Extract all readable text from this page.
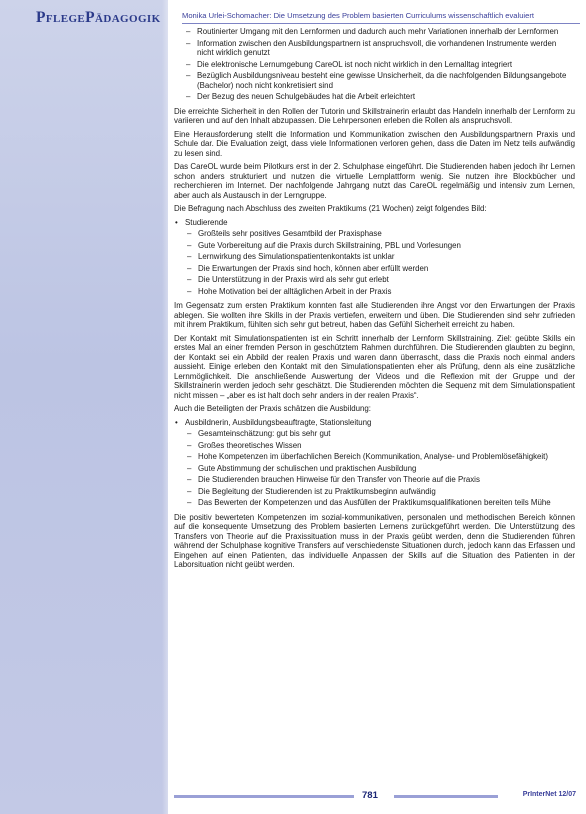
PflegePädagogik	Monika Urlei-Schomacher: Die Umsetzung des Problem basierten Curriculums wissenschaftlich evaluiert
– Routinierter Umgang mit den Lernformen und dadurch auch mehr Variationen innerhalb der Lernformen
– Information zwischen den Ausbildungspartnern ist anspruchsvoll, die vorhandenen Instrumente werden nicht wirklich genutzt
– Die elektronische Lernumgebung CareOL ist noch nicht wirklich in den Lernalltag integriert
– Bezüglich Ausbildungsniveau besteht eine gewisse Unsicherheit, da die nachfolgenden Bildungsangebote (Bachelor) noch nicht konkretisiert sind
– Der Bezug des neuen Schulgebäudes hat die Arbeit erleichtert

Die erreichte Sicherheit in den Rollen der Tutorin und Skillstrainerin erlaubt das Handeln innerhalb der Lernform zu variieren und auf den Inhalt abzupassen. Die Lehrpersonen erleben die Rollen als anspruchsvoll.

Eine Herausforderung stellt die Information und Kommunikation zwischen den Ausbildungspartnern Praxis und Schule dar. Die Evaluation zeigt, dass viele Informationen verloren gehen, dass die Daten im Netz teils aufwändig zu lesen sind.

Das CareOL wurde beim Pilotkurs erst in der 2. Schulphase eingeführt. Die Studierenden haben jedoch ihr Lernen schon anders strukturiert und nutzen die virtuelle Lernplattform wenig. Sie nutzen ihre Blockbücher und recherchieren im Internet. Der nachfolgende Jahrgang nutzt das CareOL regelmäßig und intensiv zum Lernen, aber auch als Austausch in der Lerngruppe.

Die Befragung nach Abschluss des zweiten Praktikums (21 Wochen) zeigt folgendes Bild:

• Studierende
– Großteils sehr positives Gesamtbild der Praxisphase
– Gute Vorbereitung auf die Praxis durch Skillstraining, PBL und Vorlesungen
– Lernwirkung des Simulationspatientenkontakts ist unklar
– Die Erwartungen der Praxis sind hoch, können aber erfüllt werden
– Die Unterstützung in der Praxis wird als sehr gut erlebt
– Hohe Motivation bei der alltäglichen Arbeit in der Praxis

Im Gegensatz zum ersten Praktikum konnten fast alle Studierenden ihre Angst vor den Erwartungen der Praxis ablegen. Sie wollten ihre Skills in der Praxis vertiefen, erweitern und üben. Die Studierenden sind sehr zufrieden mit ihrem Praktikum, fühlten sich sehr gut betreut, haben das Gefühl Sicherheit erreicht zu haben.

Der Kontakt mit Simulationspatienten ist ein Schritt innerhalb der Lernform Skillstraining. Ziel: geübte Skills ein erstes Mal an einer fremden Person in geschütztem Rahmen durchführen. Die Studierenden glaubten zu beginn, der Kontakt sei ein Abbild der realen Praxis und waren dann überrascht, dass die Praxis noch einmal anders aussieht. Einige erleben den Kontakt mit den Simulationspatienten eher als Prüfung, denn als eine zusätzliche Lernmöglichkeit. Die anschließende Auswertung der Videos und die Reflexion mit der Gruppe und der Skillstrainerin werden jedoch sehr geschätzt. Die Studierenden möchten die Sequenz mit dem Simulationspatient nicht missen – „aber es ist halt doch sehr anders in der realen Praxis“.

Auch die Beteiligten der Praxis schätzen die Ausbildung:

• Ausbildnerin, Ausbildungsbeauftragte, Stationsleitung
– Gesamteinschätzung: gut bis sehr gut
– Großes theoretisches Wissen
– Hohe Kompetenzen im überfachlichen Bereich (Kommunikation, Analyse- und Problemlösefähigkeit)
– Gute Abstimmung der schulischen und praktischen Ausbildung
– Die Studierenden brauchen Hinweise für den Transfer von Theorie auf die Praxis
– Die Begleitung der Studierenden ist zu Praktikumsbeginn aufwändig
– Das Bewerten der Kompetenzen und das Ausfüllen der Praktikumsqualifikationen bereiten teils Mühe

Die positiv bewerteten Kompetenzen im sozial-kommunikativen, personalen und methodischen Bereich können auf die konsequente Umsetzung des Problem basierten Lernens zurückgeführt werden. Die Unterstützung des Transfers von Theorie auf die Praxissituation muss in der Praxis geübt werden, denn die Studierenden führen während der Schulphase kognitive Transfers auf verschiedenste Situationen durch, jedoch kann das Erfassen und Eingehen auf einen Patienten, das individuelle Anpassen der Skills auf die Situation des Patienten in der Laborsituation nicht geübt werden.

781	PrInterNet 12/07
